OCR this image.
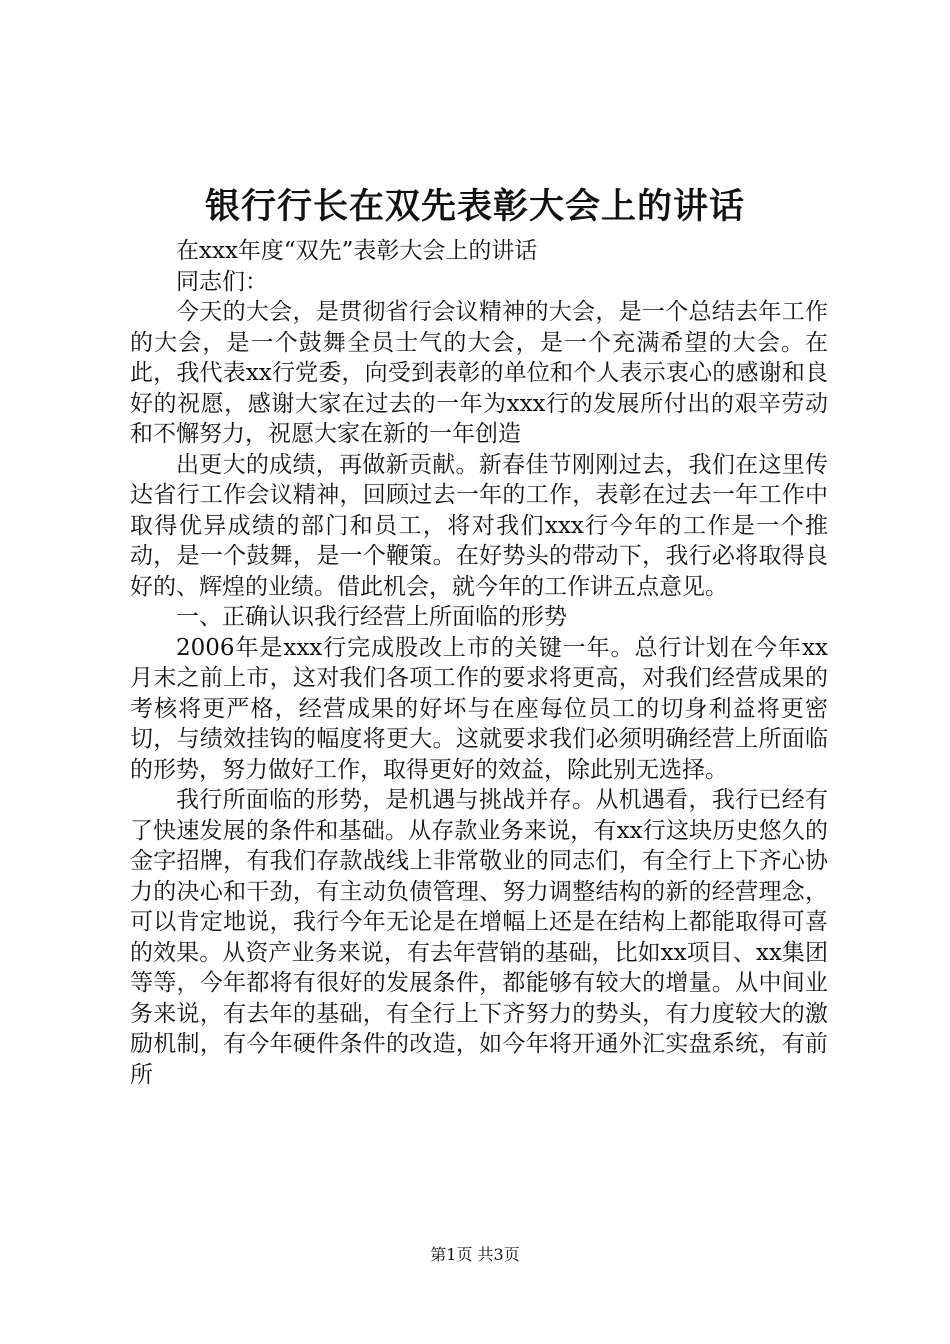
银行行长在双先表彰大会上的讲话

在xxx年度“双先”表彰大会上的讲话

同志们：

今天的大会，是贯彻省行会议精神的大会，是一个总结去年工作的大会，是一个鼓舞全员士气的大会，是一个充满希望的大会。在此，我代表xx行党委，向受到表彰的单位和个人表示衷心的感谢和良好的祝愿，感谢大家在过去的一年为xxx行的发展所付出的艰辛劳动和不懈努力，祝愿大家在新的一年创造

出更大的成绩，再做新贡献。新春佳节刚刚过去，我们在这里传达省行工作会议精神，回顾过去一年的工作，表彰在过去一年工作中取得优异成绩的部门和员工，将对我们xxx行今年的工作是一个推动，是一个鼓舞，是一个鞭策。在好势头的带动下，我行必将取得良好的、辉煌的业绩。借此机会，就今年的工作讲五点意见。

一、正确认识我行经营上所面临的形势

2006年是xxx行完成股改上市的关键一年。总行计划在今年xx月末之前上市，这对我们各项工作的要求将更高，对我们经营成果的考核将更严格，经营成果的好坏与在座每位员工的切身利益将更密切，与绩效挂钩的幅度将更大。这就要求我们必须明确经营上所面临的形势，努力做好工作，取得更好的效益，除此别无选择。

我行所面临的形势，是机遇与挑战并存。从机遇看，我行已经有了快速发展的条件和基础。从存款业务来说，有xx行这块历史悠久的金字招牌，有我们存款战线上非常敬业的同志们，有全行上下齐心协力的决心和干劲，有主动负债管理、努力调整结构的新的经营理念，可以肯定地说，我行今年无论是在增幅上还是在结构上都能取得可喜的效果。从资产业务来说，有去年营销的基础，比如xx项目、xx集团等等，今年都将有很好的发展条件，都能够有较大的增量。从中间业务来说，有去年的基础，有全行上下齐努力的势头，有力度较大的激励机制，有今年硬件条件的改造，如今年将开通外汇实盘系统，有前所

第1页 共3页
